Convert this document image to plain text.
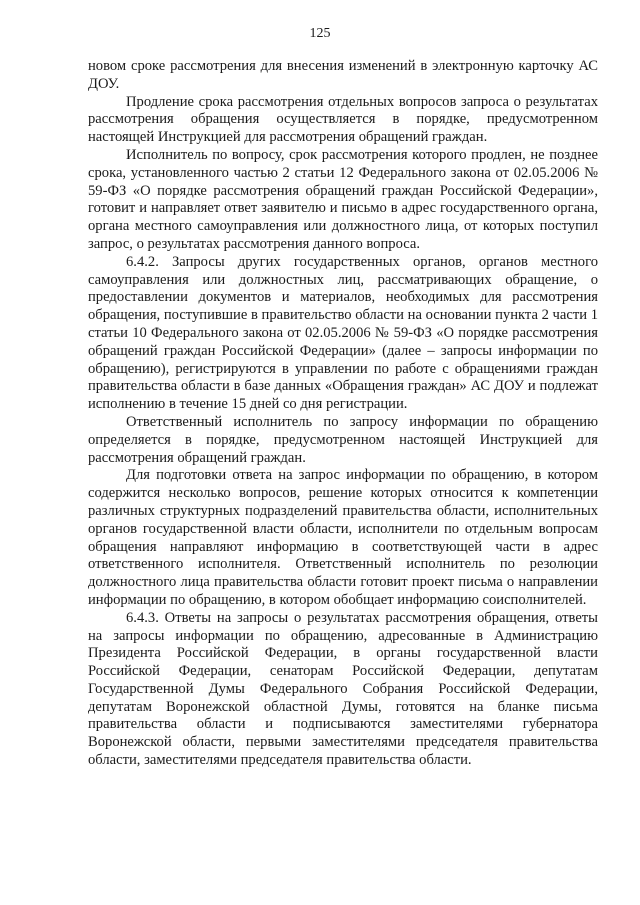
125

новом сроке рассмотрения для внесения изменений в электронную карточку АС ДОУ.

Продление срока рассмотрения отдельных вопросов запроса о результатах рассмотрения обращения осуществляется в порядке, предусмотренном настоящей Инструкцией для рассмотрения обращений граждан.

Исполнитель по вопросу, срок рассмотрения которого продлен, не позднее срока, установленного частью 2 статьи 12 Федерального закона от 02.05.2006 № 59-ФЗ «О порядке рассмотрения обращений граждан Российской Федерации», готовит и направляет ответ заявителю и письмо в адрес государственного органа, органа местного самоуправления или должностного лица, от которых поступил запрос, о результатах рассмотрения данного вопроса.

6.4.2. Запросы других государственных органов, органов местного самоуправления или должностных лиц, рассматривающих обращение, о предоставлении документов и материалов, необходимых для рассмотрения обращения, поступившие в правительство области на основании пункта 2 части 1 статьи 10 Федерального закона от 02.05.2006 № 59-ФЗ «О порядке рассмотрения обращений граждан Российской Федерации» (далее – запросы информации по обращению), регистрируются в управлении по работе с обращениями граждан правительства области в базе данных «Обращения граждан» АС ДОУ и подлежат исполнению в течение 15 дней со дня регистрации.

Ответственный исполнитель по запросу информации по обращению определяется в порядке, предусмотренном настоящей Инструкцией для рассмотрения обращений граждан.

Для подготовки ответа на запрос информации по обращению, в котором содержится несколько вопросов, решение которых относится к компетенции различных структурных подразделений правительства области, исполнительных органов государственной власти области, исполнители по отдельным вопросам обращения направляют информацию в соответствующей части в адрес ответственного исполнителя. Ответственный исполнитель по резолюции должностного лица правительства области готовит проект письма о направлении информации по обращению, в котором обобщает информацию соисполнителей.

6.4.3. Ответы на запросы о результатах рассмотрения обращения, ответы на запросы информации по обращению, адресованные в Администрацию Президента Российской Федерации, в органы государственной власти Российской Федерации, сенаторам Российской Федерации, депутатам Государственной Думы Федерального Собрания Российской Федерации, депутатам Воронежской областной Думы, готовятся на бланке письма правительства области и подписываются заместителями губернатора Воронежской области, первыми заместителями председателя правительства области, заместителями председателя правительства области.
